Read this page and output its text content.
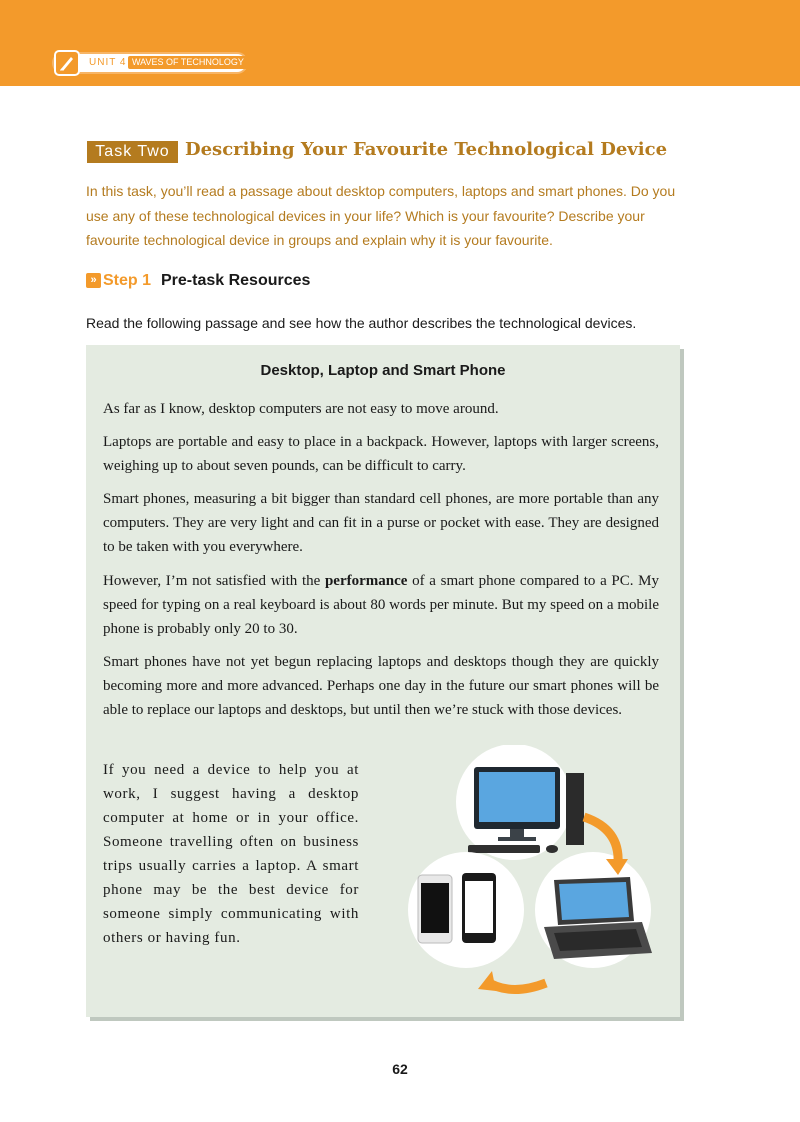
UNIT 4 WAVES OF TECHNOLOGY
Task Two Describing Your Favourite Technological Device
In this task, you’ll read a passage about desktop computers, laptops and smart phones. Do you use any of these technological devices in your life? Which is your favourite? Describe your favourite technological device in groups and explain why it is your favourite.
» Step 1 Pre-task Resources
Read the following passage and see how the author describes the technological devices.
Desktop, Laptop and Smart Phone
As far as I know, desktop computers are not easy to move around.
Laptops are portable and easy to place in a backpack. However, laptops with larger screens, weighing up to about seven pounds, can be difficult to carry.
Smart phones, measuring a bit bigger than standard cell phones, are more portable than any computers. They are very light and can fit in a purse or pocket with ease. They are designed to be taken with you everywhere.
However, I’m not satisfied with the performance of a smart phone compared to a PC. My speed for typing on a real keyboard is about 80 words per minute. But my speed on a mobile phone is probably only 20 to 30.
Smart phones have not yet begun replacing laptops and desktops though they are quickly becoming more and more advanced. Perhaps one day in the future our smart phones will be able to replace our laptops and desktops, but until then we’re stuck with those devices.
If you need a device to help you at work, I suggest having a desktop computer at home or in your office. Someone travelling often on business trips usually carries a laptop. A smart phone may be the best device for someone simply communicating with others or having fun.
62
